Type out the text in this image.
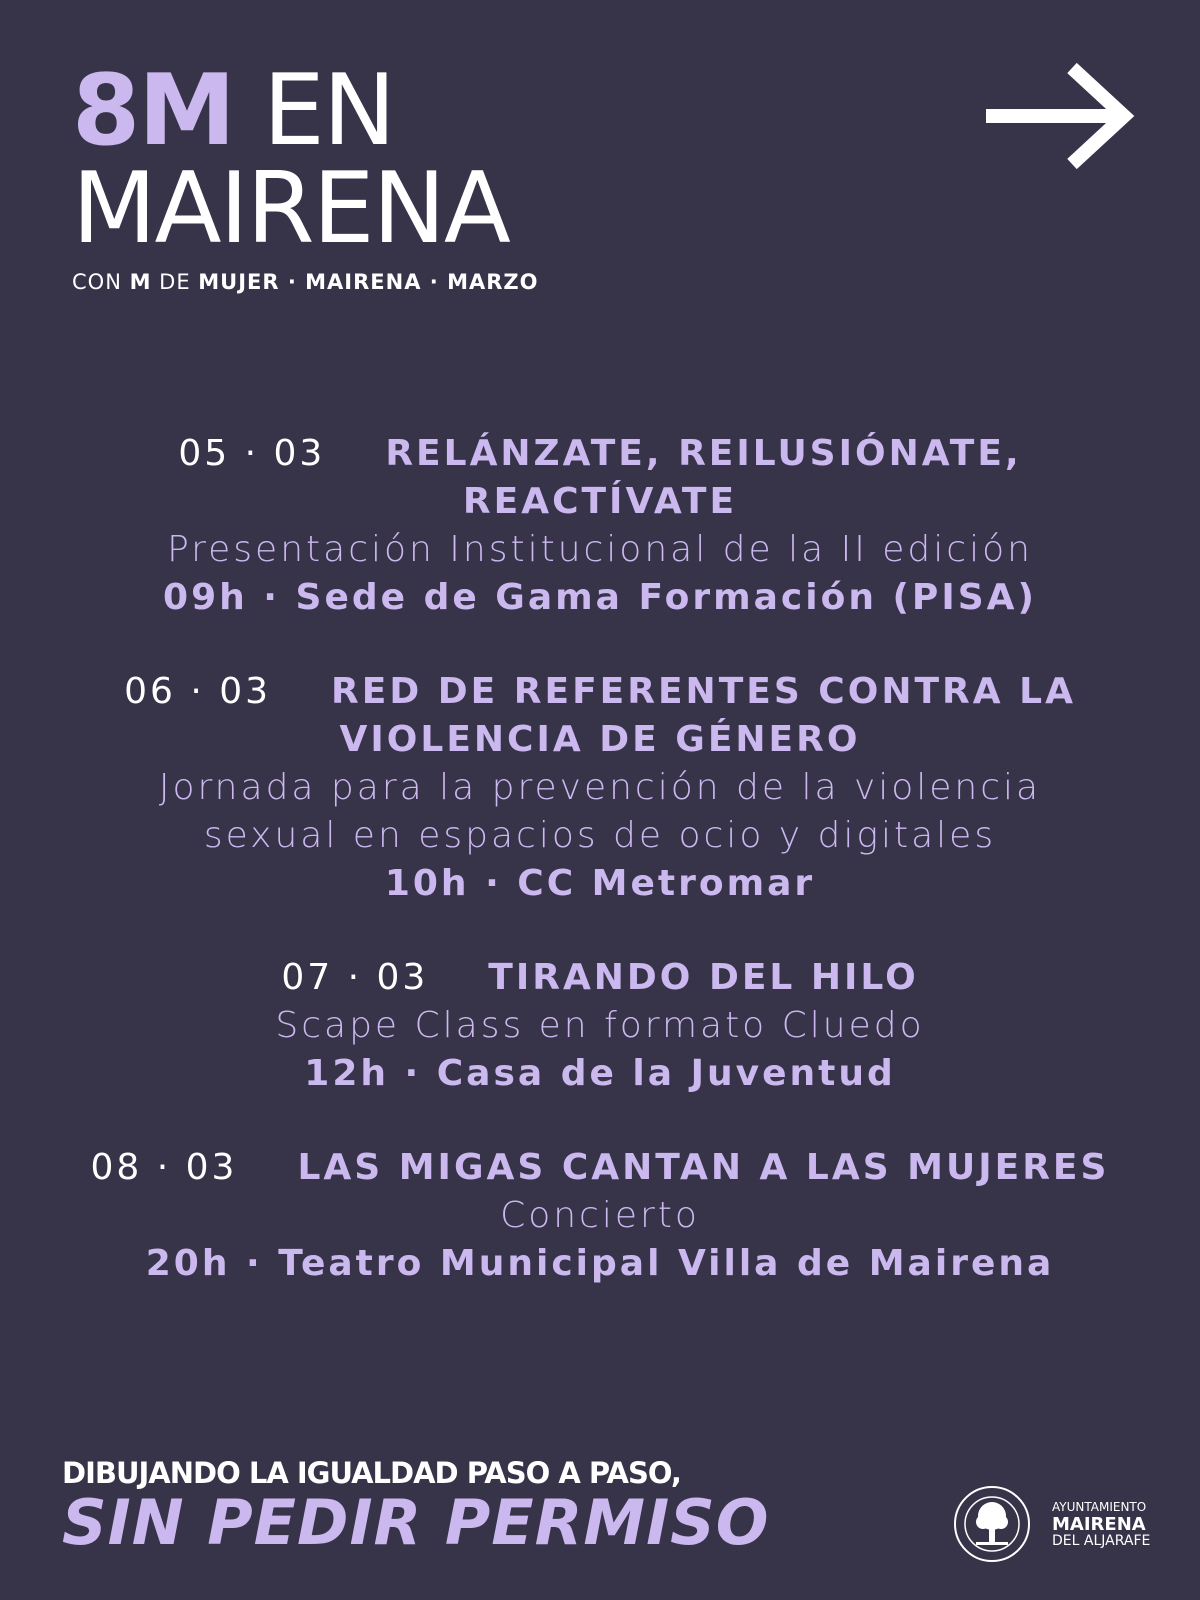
8M EN
MAIRENA
CON M DE MUJER · MAIRENA · MARZO
05 · 03 RELÁNZATE, REILUSIÓNATE,
REACTÍVATE
Presentación Institucional de la II edición
09h · Sede de Gama Formación (PISA)
06 · 03 RED DE REFERENTES CONTRA LA
VIOLENCIA DE GÉNERO
Jornada para la prevención de la violencia
sexual en espacios de ocio y digitales
10h · CC Metromar
07 · 03 TIRANDO DEL HILO
Scape Class en formato Cluedo
12h · Casa de la Juventud
08 · 03 LAS MIGAS CANTAN A LAS MUJERES
Concierto
20h · Teatro Municipal Villa de Mairena
DIBUJANDO LA IGUALDAD PASO A PASO,
SIN PEDIR PERMISO	AYUNTAMIENTO
MAIRENA
DEL ALJARAFE
